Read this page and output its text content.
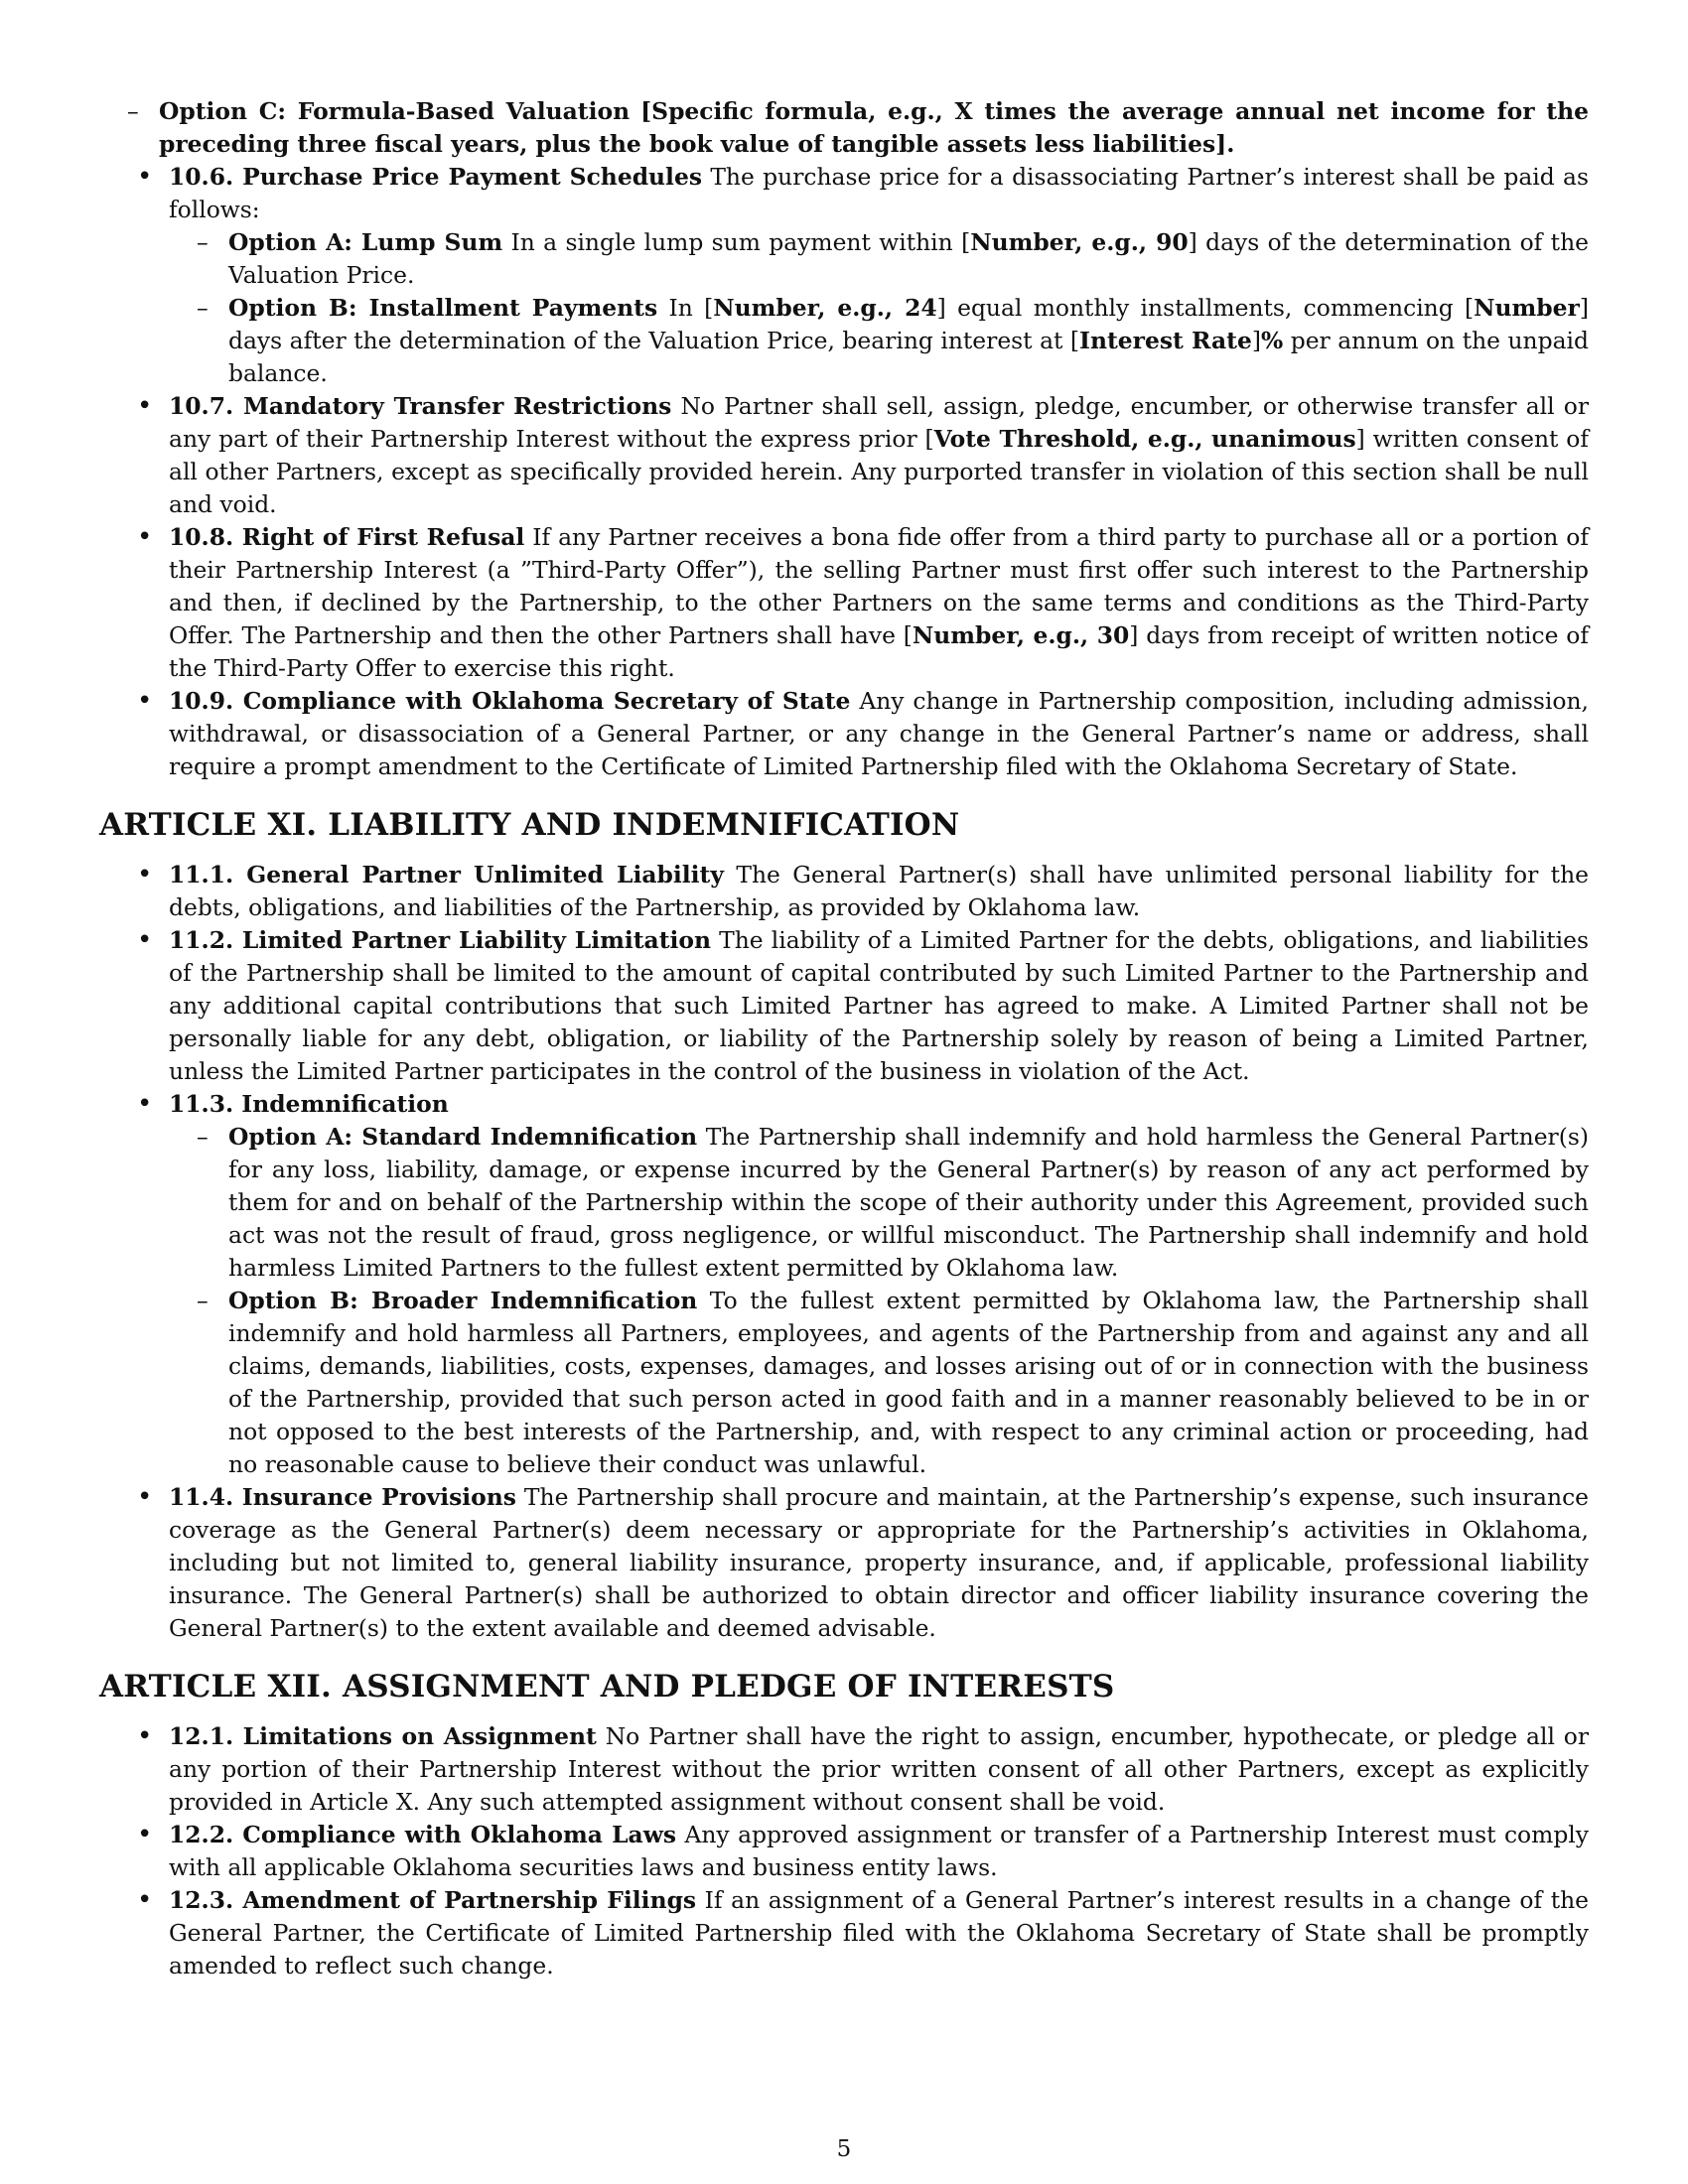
– Option C: Formula-Based Valuation [Specific formula, e.g., X times the average annual net income for the preceding three fiscal years, plus the book value of tangible assets less liabilities].
• 10.6. Purchase Price Payment Schedules The purchase price for a disassociating Partner’s interest shall be paid as follows:
– Option A: Lump Sum In a single lump sum payment within [Number, e.g., 90] days of the determination of the Valuation Price.
– Option B: Installment Payments In [Number, e.g., 24] equal monthly installments, commencing [Number] days after the determination of the Valuation Price, bearing interest at [Interest Rate]% per annum on the unpaid balance.
• 10.7. Mandatory Transfer Restrictions No Partner shall sell, assign, pledge, encumber, or otherwise transfer all or any part of their Partnership Interest without the express prior [Vote Threshold, e.g., unanimous] written consent of all other Partners, except as specifically provided herein. Any purported transfer in violation of this section shall be null and void.
• 10.8. Right of First Refusal If any Partner receives a bona fide offer from a third party to purchase all or a portion of their Partnership Interest (a ”Third-Party Offer”), the selling Partner must first offer such interest to the Partnership and then, if declined by the Partnership, to the other Partners on the same terms and conditions as the Third-Party Offer. The Partnership and then the other Partners shall have [Number, e.g., 30] days from receipt of written notice of the Third-Party Offer to exercise this right.
• 10.9. Compliance with Oklahoma Secretary of State Any change in Partnership composition, including admission, withdrawal, or disassociation of a General Partner, or any change in the General Partner’s name or address, shall require a prompt amendment to the Certificate of Limited Partnership filed with the Oklahoma Secretary of State.
ARTICLE XI. LIABILITY AND INDEMNIFICATION
• 11.1. General Partner Unlimited Liability The General Partner(s) shall have unlimited personal liability for the debts, obligations, and liabilities of the Partnership, as provided by Oklahoma law.
• 11.2. Limited Partner Liability Limitation The liability of a Limited Partner for the debts, obligations, and liabilities of the Partnership shall be limited to the amount of capital contributed by such Limited Partner to the Partnership and any additional capital contributions that such Limited Partner has agreed to make. A Limited Partner shall not be personally liable for any debt, obligation, or liability of the Partnership solely by reason of being a Limited Partner, unless the Limited Partner participates in the control of the business in violation of the Act.
• 11.3. Indemnification
– Option A: Standard Indemnification The Partnership shall indemnify and hold harmless the General Partner(s) for any loss, liability, damage, or expense incurred by the General Partner(s) by reason of any act performed by them for and on behalf of the Partnership within the scope of their authority under this Agreement, provided such act was not the result of fraud, gross negligence, or willful misconduct. The Partnership shall indemnify and hold harmless Limited Partners to the fullest extent permitted by Oklahoma law.
– Option B: Broader Indemnification To the fullest extent permitted by Oklahoma law, the Partnership shall indemnify and hold harmless all Partners, employees, and agents of the Partnership from and against any and all claims, demands, liabilities, costs, expenses, damages, and losses arising out of or in connection with the business of the Partnership, provided that such person acted in good faith and in a manner reasonably believed to be in or not opposed to the best interests of the Partnership, and, with respect to any criminal action or proceeding, had no reasonable cause to believe their conduct was unlawful.
• 11.4. Insurance Provisions The Partnership shall procure and maintain, at the Partnership’s expense, such insurance coverage as the General Partner(s) deem necessary or appropriate for the Partnership’s activities in Oklahoma, including but not limited to, general liability insurance, property insurance, and, if applicable, professional liability insurance. The General Partner(s) shall be authorized to obtain director and officer liability insurance covering the General Partner(s) to the extent available and deemed advisable.
ARTICLE XII. ASSIGNMENT AND PLEDGE OF INTERESTS
• 12.1. Limitations on Assignment No Partner shall have the right to assign, encumber, hypothecate, or pledge all or any portion of their Partnership Interest without the prior written consent of all other Partners, except as explicitly provided in Article X. Any such attempted assignment without consent shall be void.
• 12.2. Compliance with Oklahoma Laws Any approved assignment or transfer of a Partnership Interest must comply with all applicable Oklahoma securities laws and business entity laws.
• 12.3. Amendment of Partnership Filings If an assignment of a General Partner’s interest results in a change of the General Partner, the Certificate of Limited Partnership filed with the Oklahoma Secretary of State shall be promptly amended to reflect such change.
5
